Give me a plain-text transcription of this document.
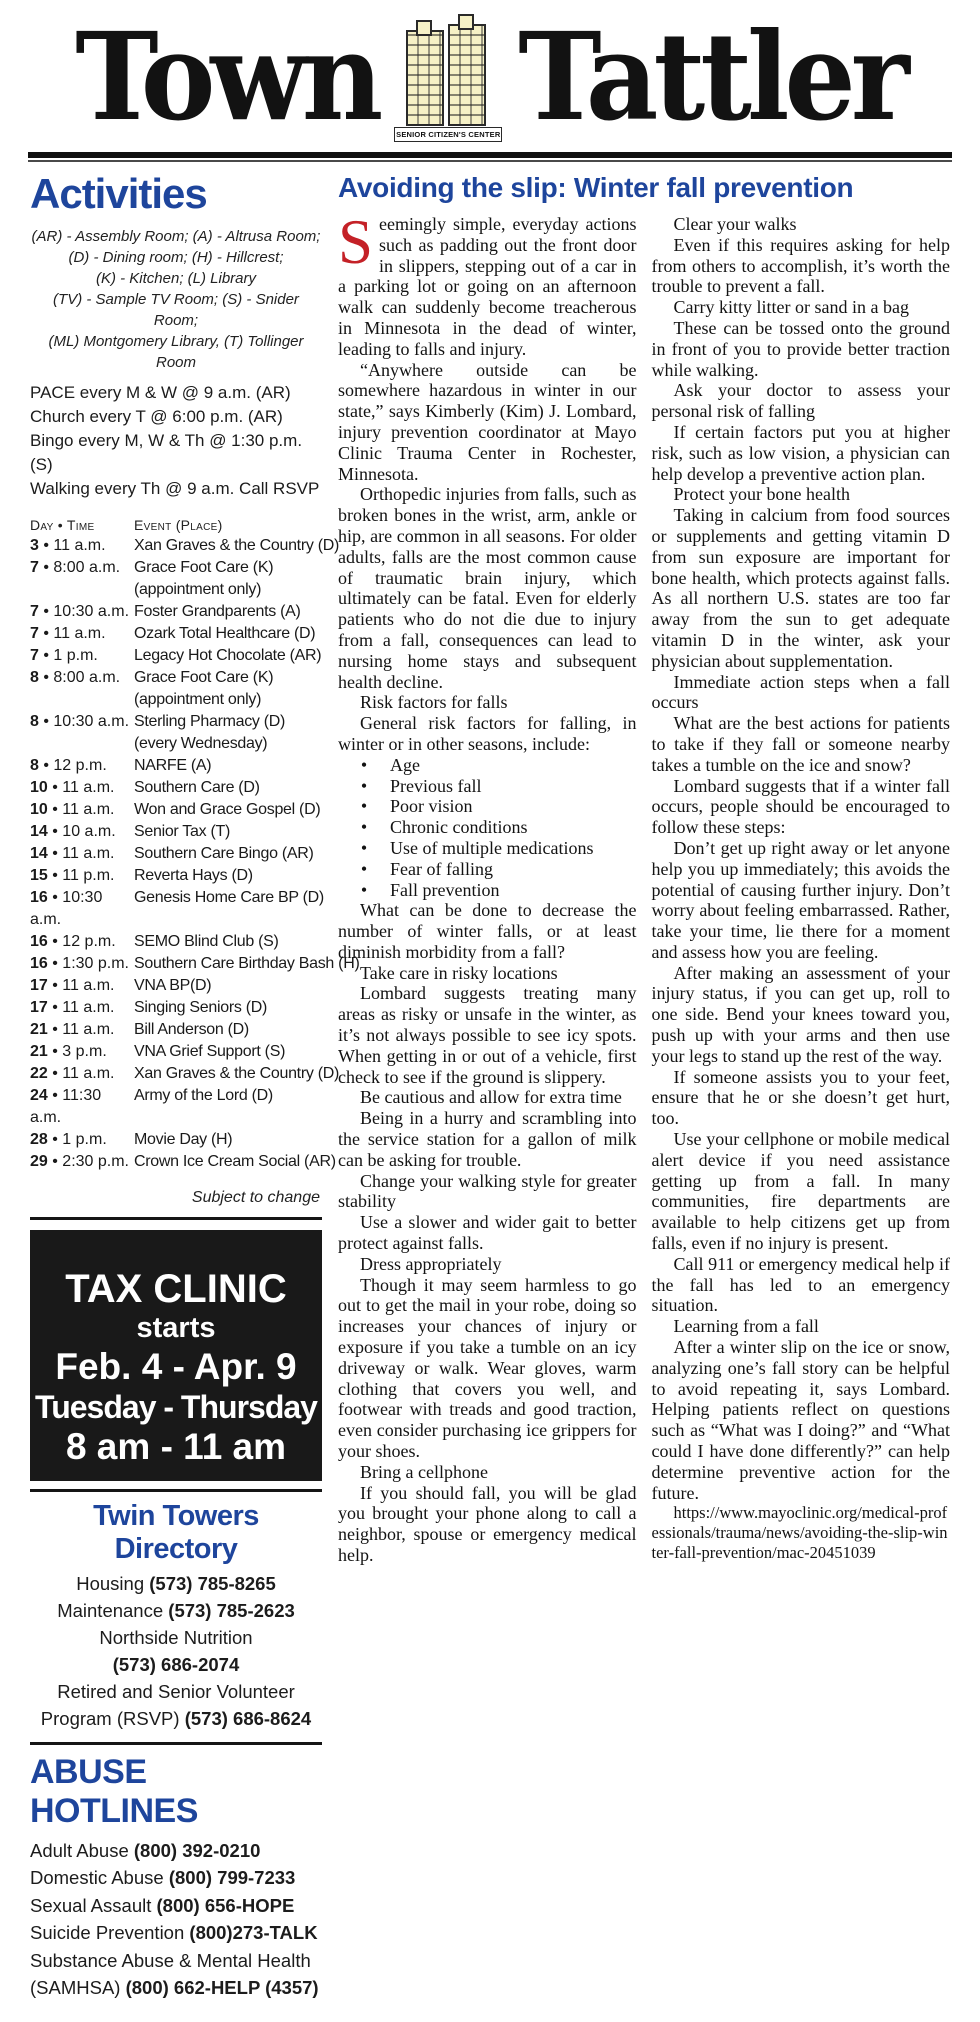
Town SENIOR CITIZEN'S CENTER Tattler
Activities
(AR) - Assembly Room; (A) - Altrusa Room;
(D) - Dining room; (H) - Hillcrest;
(K) - Kitchen; (L) Library
(TV) - Sample TV Room; (S) - Snider Room;
(ML) Montgomery Library, (T) Tollinger Room
PACE every M & W @ 9 a.m. (AR)
Church every T @ 6:00 p.m. (AR)
Bingo every M, W & Th @ 1:30 p.m. (S)
Walking every Th @ 9 a.m. Call RSVP
Day • Time	Event (Place)
3 • 11 a.m.	Xan Graves & the Country (D)
7 • 8:00 a.m. Grace Foot Care (K)
(appointment only)
7 • 10:30 a.m. Foster Grandparents (A)
7 • 11 a.m.	Ozark Total Healthcare (D)
7 • 1 p.m.	Legacy Hot Chocolate (AR)
8 • 8:00 a.m. Grace Foot Care (K)
(appointment only)
8 • 10:30 a.m. Sterling Pharmacy (D)
(every Wednesday)
8 • 12 p.m.	NARFE (A)
10 • 11 a.m.	Southern Care (D)
10 • 11 a.m.	Won and Grace Gospel (D)
14 • 10 a.m.	Senior Tax (T)
14 • 11 a.m.	Southern Care Bingo (AR)
15 • 11 p.m.	Reverta Hays (D)
16 • 10:30 a.m.
Genesis Home Care BP (D)
16 • 12 p.m.	SEMO Blind Club (S)
16 • 1:30 p.m. Southern Care Birthday Bash (H)
17 • 11 a.m.	VNA BP(D)
17 • 11 a.m.	Singing Seniors (D)
21 • 11 a.m.	Bill Anderson (D)
21 • 3 p.m.	VNA Grief Support (S)
22 • 11 a.m.	Xan Graves & the Country (D)
24 • 11:30 a.m.
Army of the Lord (D)
28 • 1 p.m.	Movie Day (H)
29 • 2:30 p.m. Crown Ice Cream Social (AR)
Subject to change
TAX CLINIC
starts
Feb. 4 - Apr. 9
Tuesday - Thursday
8 am - 11 am
Twin Towers Directory
Housing (573) 785-8265
Maintenance (573) 785-2623
Northside Nutrition
(573) 686-2074
Retired and Senior Volunteer
Program (RSVP) (573) 686-8624
ABUSE HOTLINES
Adult Abuse (800) 392-0210
Domestic Abuse (800) 799-7233
Sexual Assault (800) 656-HOPE
Suicide Prevention (800)273-TALK
Substance Abuse & Mental Health
(SAMHSA) (800) 662-HELP (4357)
Avoiding the slip: Winter fall prevention

Seemingly simple, everyday actions such as padding out the front door in slippers, stepping out of a car in a parking lot or going on an afternoon walk can suddenly become treacherous in Minnesota in the dead of winter, leading to falls and injury.

“Anywhere outside can be somewhere hazardous in winter in our state,” says Kimberly (Kim) J. Lombard, injury prevention coordinator at Mayo Clinic Trauma Center in Rochester, Minnesota.

Orthopedic injuries from falls, such as broken bones in the wrist, arm, ankle or hip, are common in all seasons. For older adults, falls are the most common cause of traumatic brain injury, which ultimately can be fatal. Even for elderly patients who do not die due to injury from a fall, consequences can lead to nursing home stays and subsequent health decline.

Risk factors for falls

General risk factors for falling, in winter or in other seasons, include:

•	Age
•	Previous fall
•	Poor vision
•	Chronic conditions
•	Use of multiple medications
•	Fear of falling
•	Fall prevention

What can be done to decrease the number of winter falls, or at least diminish morbidity from a fall?

Take care in risky locations

Lombard suggests treating many areas as risky or unsafe in the winter, as it’s not always possible to see icy spots. When getting in or out of a vehicle, first check to see if the ground is slippery.

Be cautious and allow for extra time

Being in a hurry and scrambling into the service station for a gallon of milk can be asking for trouble.

Change your walking style for greater stability

Use a slower and wider gait to better protect against falls.

Dress appropriately

Though it may seem harmless to go out to get the mail in your robe, doing so increases your chances of injury or exposure if you take a tumble on an icy driveway or walk. Wear gloves, warm clothing that covers you well, and footwear with treads and good traction, even consider purchasing ice grippers for your shoes.

Bring a cellphone

If you should fall, you will be glad you brought your phone along to call a neighbor, spouse or emergency medical help.

Clear your walks

Even if this requires asking for help from others to accomplish, it’s worth the trouble to prevent a fall.

Carry kitty litter or sand in a bag

These can be tossed onto the ground in front of you to provide better traction while walking.

Ask your doctor to assess your personal risk of falling

If certain factors put you at higher risk, such as low vision, a physician can help develop a preventive action plan.

Protect your bone health

Taking in calcium from food sources or supplements and getting vitamin D from sun exposure are important for bone health, which protects against falls. As all northern U.S. states are too far away from the sun to get adequate vitamin D in the winter, ask your physician about supplementation.

Immediate action steps when a fall occurs

What are the best actions for patients to take if they fall or someone nearby takes a tumble on the ice and snow?

Lombard suggests that if a winter fall occurs, people should be encouraged to follow these steps:

Don’t get up right away or let anyone help you up immediately; this avoids the potential of causing further injury. Don’t worry about feeling embarrassed. Rather, take your time, lie there for a moment and assess how you are feeling.

After making an assessment of your injury status, if you can get up, roll to one side. Bend your knees toward you, push up with your arms and then use your legs to stand up the rest of the way.

If someone assists you to your feet, ensure that he or she doesn’t get hurt, too.

Use your cellphone or mobile medical alert device if you need assistance getting up from a fall. In many communities, fire departments are available to help citizens get up from falls, even if no injury is present.

Call 911 or emergency medical help if the fall has led to an emergency situation.

Learning from a fall

After a winter slip on the ice or snow, analyzing one’s fall story can be helpful to avoid repeating it, says Lombard. Helping patients reflect on questions such as “What was I doing?” and “What could I have done differently?” can help determine preventive action for the future.

https://www.mayoclinic.org/medical-professionals/trauma/news/avoiding-the-slip-winter-fall-prevention/mac-20451039
